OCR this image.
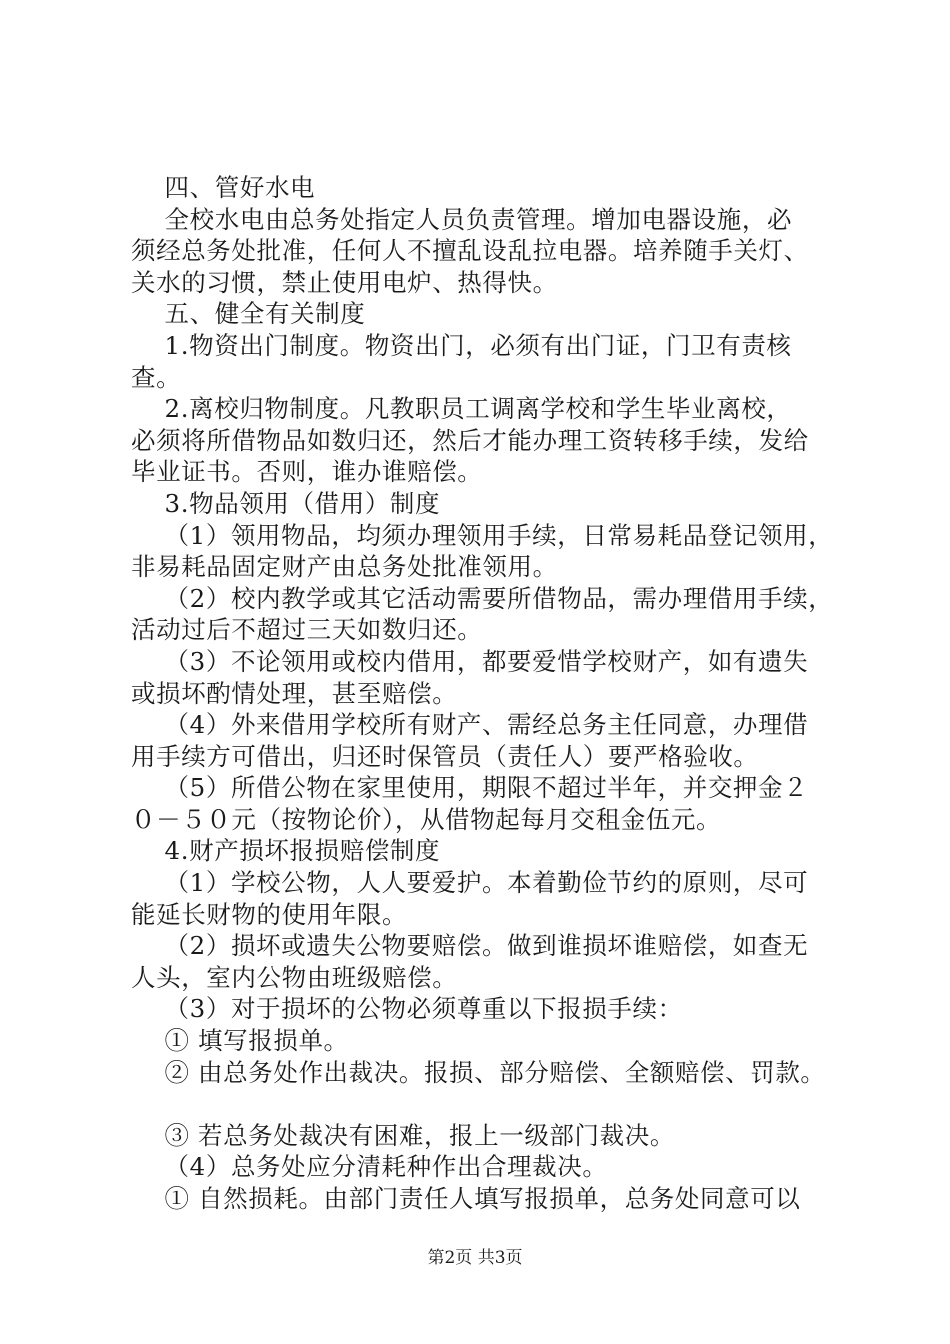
四、管好水电
全校水电由总务处指定人员负责管理。增加电器设施，必
须经总务处批准，任何人不擅乱设乱拉电器。培养随手关灯、
关水的习惯，禁止使用电炉、热得快。
五、健全有关制度
1.物资出门制度。物资出门，必须有出门证，门卫有责核
查。
2.离校归物制度。凡教职员工调离学校和学生毕业离校，
必须将所借物品如数归还，然后才能办理工资转移手续，发给
毕业证书。否则，谁办谁赔偿。
3.物品领用（借用）制度
（1）领用物品，均须办理领用手续，日常易耗品登记领用，
非易耗品固定财产由总务处批准领用。
（2）校内教学或其它活动需要所借物品，需办理借用手续，
活动过后不超过三天如数归还。
（3）不论领用或校内借用，都要爱惜学校财产，如有遗失
或损坏酌情处理，甚至赔偿。
（4）外来借用学校所有财产、需经总务主任同意，办理借
用手续方可借出，归还时保管员（责任人）要严格验收。
（5）所借公物在家里使用，期限不超过半年，并交押金２
０－５０元（按物论价），从借物起每月交租金伍元。
4.财产损坏报损赔偿制度
（1）学校公物，人人要爱护。本着勤俭节约的原则，尽可
能延长财物的使用年限。
（2）损坏或遗失公物要赔偿。做到谁损坏谁赔偿，如查无
人头，室内公物由班级赔偿。
（3）对于损坏的公物必须尊重以下报损手续：
① 填写报损单。
② 由总务处作出裁决。报损、部分赔偿、全额赔偿、罚款。
③ 若总务处裁决有困难，报上一级部门裁决。
（4）总务处应分清耗种作出合理裁决。
① 自然损耗。由部门责任人填写报损单，总务处同意可以
第2页 共3页
